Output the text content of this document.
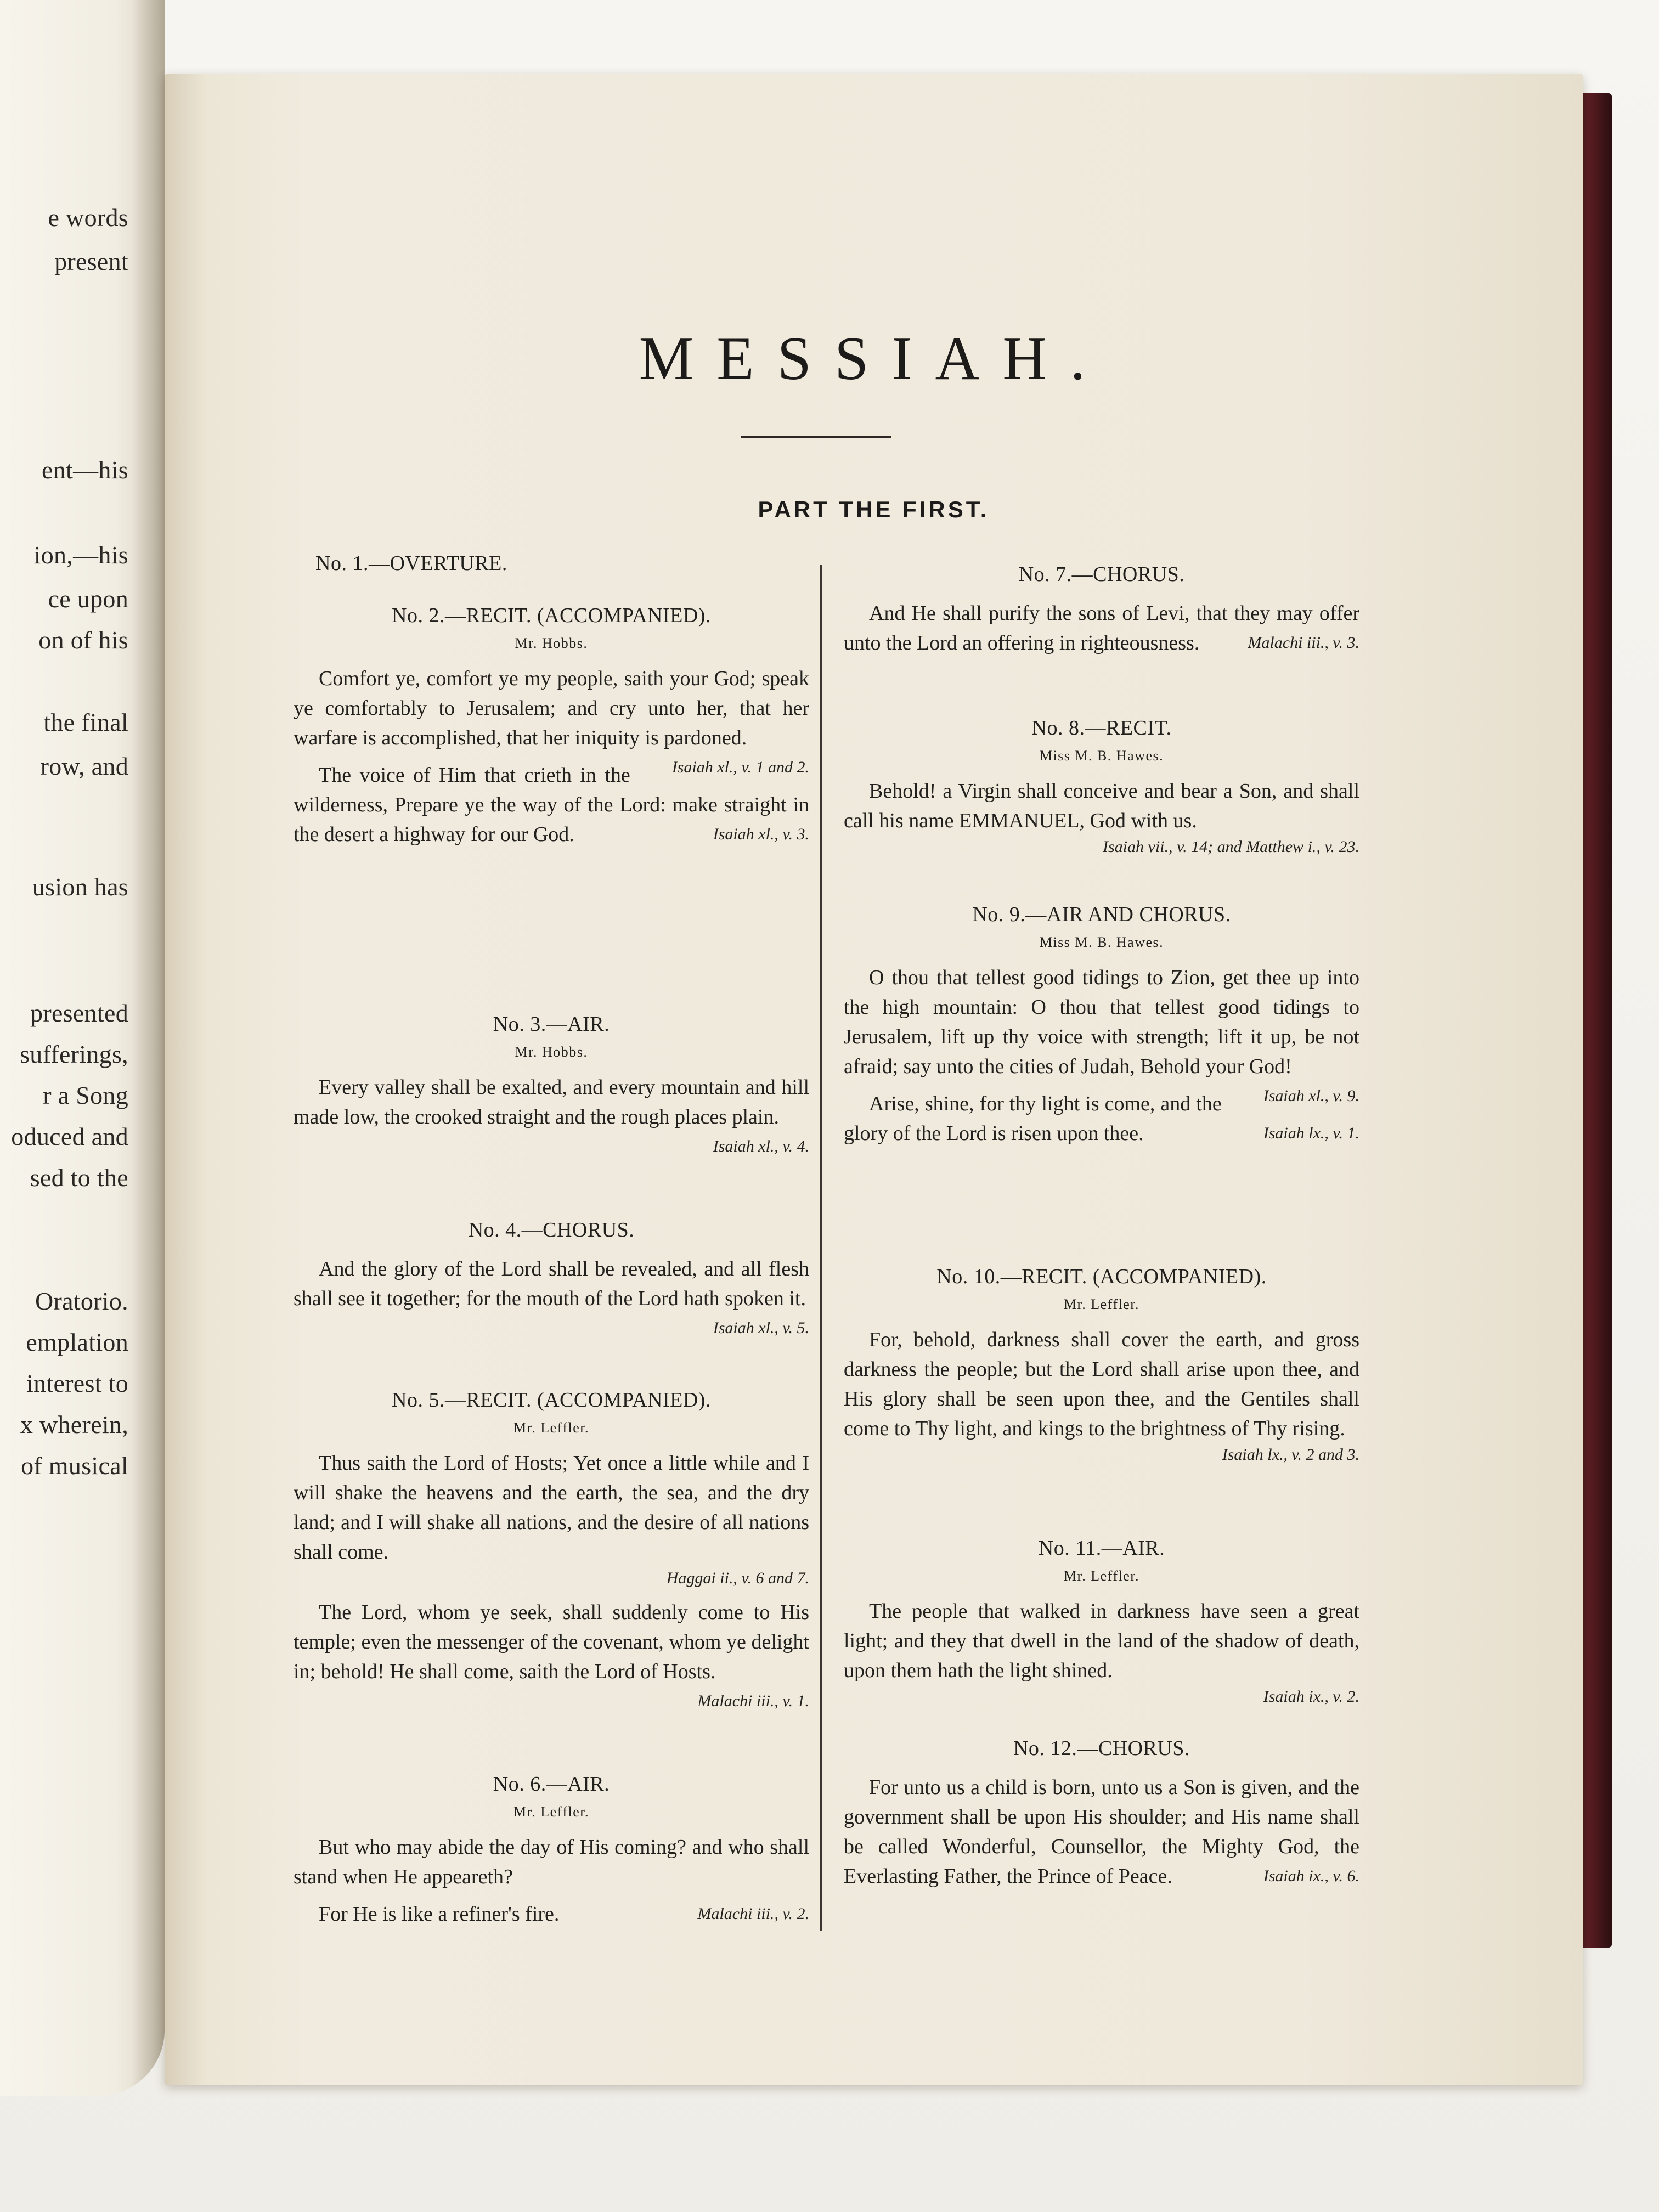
e words
present
ent—his
ion,—his
ce upon
on of his
the final
row, and
usion has
presented
sufferings,
r a Song
oduced and
sed to the
Oratorio.
emplation
interest to
x wherein,
of musical
MESSIAH.
PART THE FIRST.
No. 1.—OVERTURE.
No. 2.—RECIT. (ACCOMPANIED).
Mr. Hobbs.
Comfort ye, comfort ye my people, saith your God; speak ye comfortably to Jerusalem; and cry unto her, that her warfare is accomplished, that her iniquity is pardoned.
Isaiah xl., v. 1 and 2.
The voice of Him that crieth in the wilderness, Prepare ye the way of the Lord: make straight in the desert a highway for our God.	Isaiah xl., v. 3.
No. 3.—AIR.
Mr. Hobbs.
Every valley shall be exalted, and every mountain and hill made low, the crooked straight and the rough places plain.
Isaiah xl., v. 4.
No. 4.—CHORUS.
And the glory of the Lord shall be revealed, and all flesh shall see it together; for the mouth of the Lord hath spoken it.
Isaiah xl., v. 5.
No. 5.—RECIT. (ACCOMPANIED).
Mr. Leffler.
Thus saith the Lord of Hosts; Yet once a little while and I will shake the heavens and the earth, the sea, and the dry land; and I will shake all nations, and the desire of all nations shall come.
Haggai ii., v. 6 and 7.
The Lord, whom ye seek, shall suddenly come to His temple; even the messenger of the covenant, whom ye delight in; behold! He shall come, saith the Lord of Hosts.
Malachi iii., v. 1.
No. 6.—AIR.
Mr. Leffler.
But who may abide the day of His coming? and who shall stand when He appeareth?
For He is like a refiner's fire.	Malachi iii., v. 2.
No. 7.—CHORUS.
And He shall purify the sons of Levi, that they may offer unto the Lord an offering in righteousness.	Malachi iii., v. 3.
No. 8.—RECIT.
Miss M. B. Hawes.
Behold! a Virgin shall conceive and bear a Son, and shall call his name EMMANUEL, God with us.
Isaiah vii., v. 14; and Matthew i., v. 23.
No. 9.—AIR AND CHORUS.
Miss M. B. Hawes.
O thou that tellest good tidings to Zion, get thee up into the high mountain: O thou that tellest good tidings to Jerusalem, lift up thy voice with strength; lift it up, be not afraid; say unto the cities of Judah, Behold your God!
Isaiah xl., v. 9.
Arise, shine, for thy light is come, and the glory of the Lord is risen upon thee.	Isaiah lx., v. 1.
No. 10.—RECIT. (ACCOMPANIED).
Mr. Leffler.
For, behold, darkness shall cover the earth, and gross darkness the people; but the Lord shall arise upon thee, and His glory shall be seen upon thee, and the Gentiles shall come to Thy light, and kings to the brightness of Thy rising.
Isaiah lx., v. 2 and 3.
No. 11.—AIR.
Mr. Leffler.
The people that walked in darkness have seen a great light; and they that dwell in the land of the shadow of death, upon them hath the light shined.
Isaiah ix., v. 2.
No. 12.—CHORUS.
For unto us a child is born, unto us a Son is given, and the government shall be upon His shoulder; and His name shall be called Wonderful, Counsellor, the Mighty God, the Everlasting Father, the Prince of Peace.	Isaiah ix., v. 6.
